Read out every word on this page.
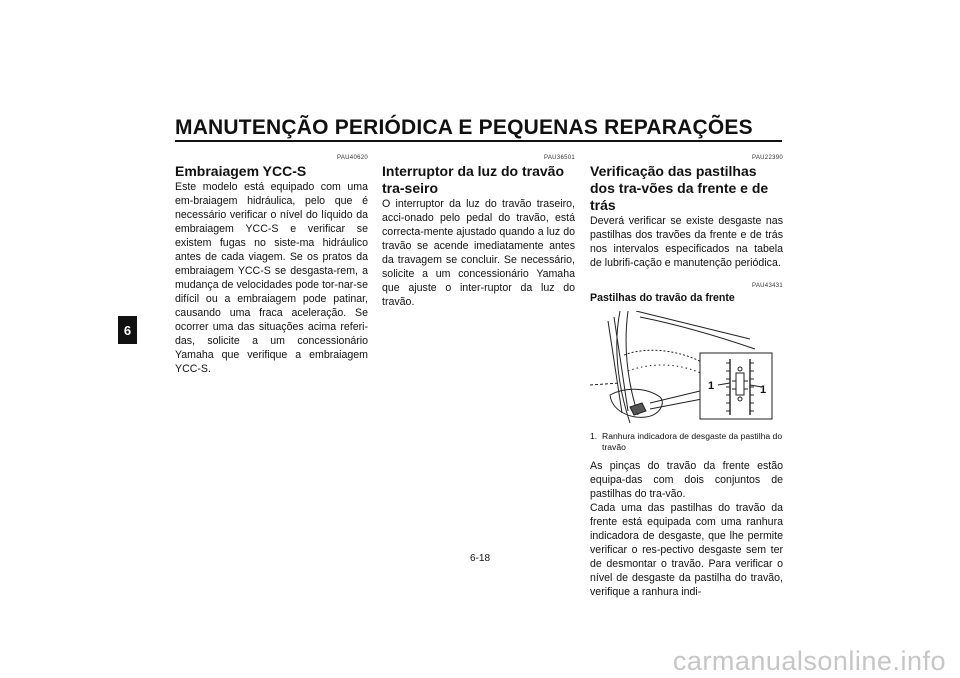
MANUTENÇÃO PERIÓDICA E PEQUENAS REPARAÇÕES
6
PAU40620
Embraiagem YCC-S

Este modelo está equipado com uma em-braiagem hidráulica, pelo que é necessário verificar o nível do líquido da embraiagem YCC-S e verificar se existem fugas no siste-ma hidráulico antes de cada viagem. Se os pratos da embraiagem YCC-S se desgasta-rem, a mudança de velocidades pode tor-nar-se difícil ou a embraiagem pode patinar, causando uma fraca aceleração. Se ocorrer uma das situações acima referi-das, solicite a um concessionário Yamaha que verifique a embraiagem YCC-S.

PAU36501
Interruptor da luz do travão tra-seiro

O interruptor da luz do travão traseiro, acci-onado pelo pedal do travão, está correcta-mente ajustado quando a luz do travão se acende imediatamente antes da travagem se concluir. Se necessário, solicite a um concessionário Yamaha que ajuste o inter-ruptor da luz do travão.

PAU22390
Verificação das pastilhas dos tra-vões da frente e de trás

Deverá verificar se existe desgaste nas pastilhas dos travões da frente e de trás nos intervalos especificados na tabela de lubrifi-cação e manutenção periódica.

PAU43431
Pastilhas do travão da frente
1	1
1. Ranhura indicadora de desgaste da pastilha do travão

As pinças do travão da frente estão equipa-das com dois conjuntos de pastilhas do tra-vão.

Cada uma das pastilhas do travão da frente está equipada com uma ranhura indicadora de desgaste, que lhe permite verificar o res-pectivo desgaste sem ter de desmontar o travão. Para verificar o nível de desgaste da pastilha do travão, verifique a ranhura indi-

6-18
carmanualsonline.info
